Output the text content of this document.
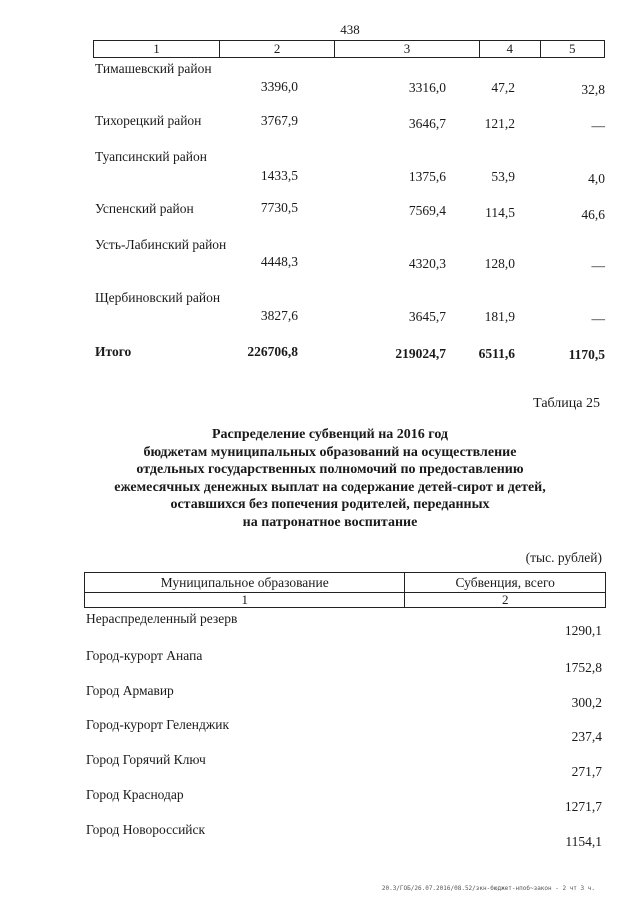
438
1	2	3	4	5
Тимашевский район
3396,0	3316,0	47,2	32,8
Тихорецкий район	3767,9	3646,7	121,2	—
Туапсинский район
1433,5	1375,6	53,9	4,0
Успенский район	7730,5	7569,4	114,5	46,6
Усть-Лабинский район
4448,3	4320,3	128,0	—
Щербиновский район
3827,6	3645,7	181,9	—
Итого	226706,8	219024,7	6511,6	1170,5
Таблица 25
Распределение субвенций на 2016 год
бюджетам муниципальных образований на осуществление
отдельных государственных полномочий по предоставлению
ежемесячных денежных выплат на содержание детей-сирот и детей,
оставшихся без попечения родителей, переданных
на патронатное воспитание
(тыс. рублей)
Муниципальное образование	Субвенция, всего
1	2
Нераспределенный резерв
1290,1
Город-курорт Анапа
1752,8
Город Армавир
300,2
Город-курорт Геленджик
237,4
Город Горячий Ключ
271,7
Город Краснодар
1271,7
Город Новороссийск
1154,1
20.3/ГОБ/26.07.2016/08.52/зкн-бюджет-нпоб~закон - 2 чт 3 ч.
